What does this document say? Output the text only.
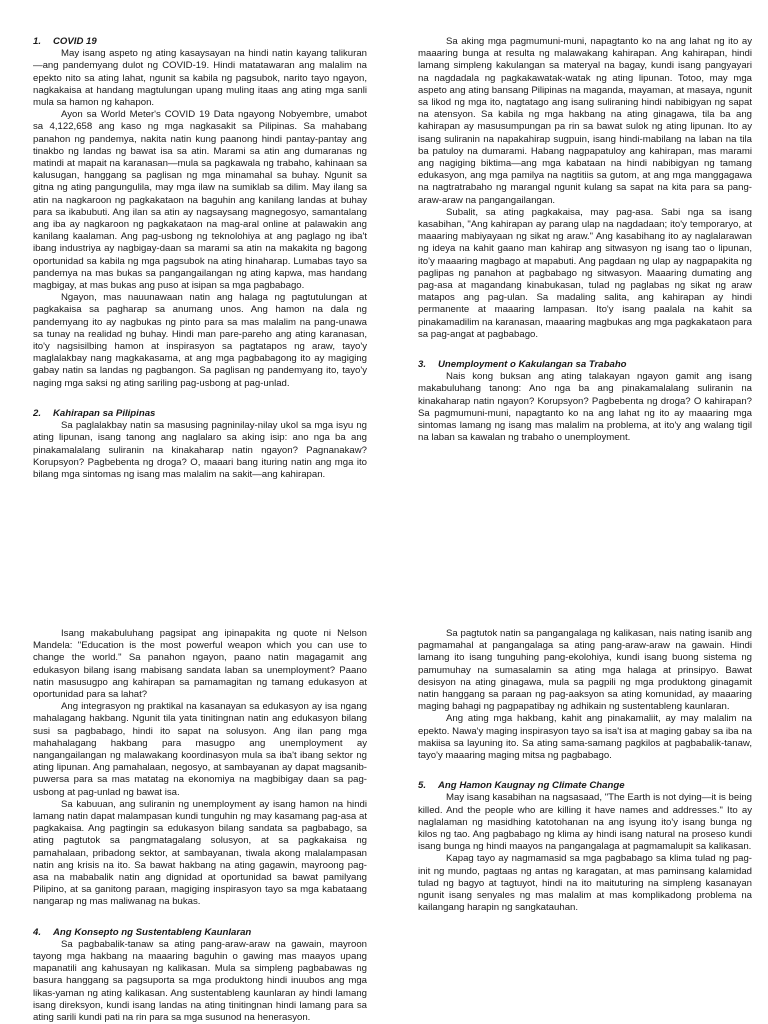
1. COVID 19

May isang aspeto ng ating kasaysayan na hindi natin kayang talikuran—ang pandemyang dulot ng COVID-19. Hindi matatawaran ang malalim na epekto nito sa ating lahat, ngunit sa kabila ng pagsubok, narito tayo ngayon, nagkakaisa at handang magtulungan upang muling itaas ang ating mga sanli mula sa hamon ng kahapon.

Ayon sa World Meter's COVID 19 Data ngayong Nobyembre, umabot sa 4,122,658 ang kaso ng mga nagkasakit sa Pilipinas. Sa mahabang panahon ng pandemya, nakita natin kung paanong hindi pantay-pantay ang tinakbo ng landas ng bawat isa sa atin. Marami sa atin ang dumaranas ng matindi at mapait na karanasan—mula sa pagkawala ng trabaho, kahinaan sa kalusugan, hanggang sa paglisan ng mga minamahal sa buhay. Ngunit sa gitna ng ating pangungulila, may mga ilaw na sumiklab sa dilim. May ilang sa atin na nagkaroon ng pagkakataon na baguhin ang kanilang landas at buhay para sa ikabubuti. Ang ilan sa atin ay nagsaysang magnegosyo, samantalang ang iba ay nagkaroon ng pagkakataon na mag-aral online at palawakin ang kanilang kaalaman. Ang pag-usbong ng teknolohiya at ang paglago ng iba't ibang industriya ay nagbigay-daan sa marami sa atin na makakita ng bagong oportunidad sa kabila ng mga pagsubok na ating hinaharap. Lumabas tayo sa pandemya na mas bukas sa pangangailangan ng ating kapwa, mas handang magbigay, at mas bukas ang puso at isipan sa mga pagbabago.

Ngayon, mas nauunawaan natin ang halaga ng pagtutulungan at pagkakaisa sa pagharap sa anumang unos. Ang hamon na dala ng pandemyang ito ay nagbukas ng pinto para sa mas malalim na pang-unawa sa tunay na realidad ng buhay. Hindi man pare-pareho ang ating karanasan, ito'y nagsisilbing hamon at inspirasyon sa pagtatapos ng araw, tayo'y maglalakbay nang magkakasama, at ang mga pagbabagong ito ay magiging gabay natin sa landas ng pagbangon. Sa paglisan ng pandemyang ito, tayo'y naging mga saksi ng ating sariling pag-usbong at pag-unlad.

2. Kahirapan sa Pilipinas

Sa paglalakbay natin sa masusing pagninilay-nilay ukol sa mga isyu ng ating lipunan, isang tanong ang naglalaro sa aking isip: ano nga ba ang pinakamalalang suliranin na kinakaharap natin ngayon? Pagnanakaw? Korupsyon? Pagbebenta ng droga? O, maaari bang ituring natin ang mga ito bilang mga sintomas ng isang mas malalim na sakit—ang kahirapan.

Sa aking mga pagmumuni-muni, napagtanto ko na ang lahat ng ito ay maaaring bunga at resulta ng malawakang kahirapan. Ang kahirapan, hindi lamang simpleng kakulangan sa materyal na bagay, kundi isang pangyayari na nagdadala ng pagkakawatak-watak ng ating lipunan. Totoo, may mga aspeto ang ating bansang Pilipinas na maganda, mayaman, at masaya, ngunit sa likod ng mga ito, nagtatago ang isang suliraning hindi nabibigyan ng sapat na atensyon. Sa kabila ng mga hakbang na ating ginagawa, tila ba ang kahirapan ay masusumpungan pa rin sa bawat sulok ng ating lipunan. Ito ay isang suliranin na napakahirap sugpuin, isang hindi-mabilang na laban na tila ba patuloy na dumarami. Habang nagpapatuloy ang kahirapan, mas marami ang nagiging biktima—ang mga kabataan na hindi nabibigyan ng tamang edukasyon, ang mga pamilya na nagtitiis sa gutom, at ang mga manggagawa na nagtratrabaho ng marangal ngunit kulang sa sapat na kita para sa pang-araw-araw na pangangailangan.

Subalit, sa ating pagkakaisa, may pag-asa. Sabi nga sa isang kasabihan, "Ang kahirapan ay parang ulap na nagdadaan; ito'y temporaryo, at maaaring mabiyayaan ng sikat ng araw." Ang kasabihang ito ay naglalarawan ng ideya na kahit gaano man kahirap ang sitwasyon ng isang tao o lipunan, ito'y maaaring magbago at mapabuti. Ang pagdaan ng ulap ay nagpapakita ng paglipas ng panahon at pagbabago ng sitwasyon. Maaaring dumating ang pag-asa at magandang kinabukasan, tulad ng paglabas ng sikat ng araw matapos ang pag-ulan. Sa madaling salita, ang kahirapan ay hindi permanente at maaaring lampasan. Ito'y isang paalala na kahit sa pinakamadilim na karanasan, maaaring magbukas ang mga pagkakataon para sa pag-angat at pagbabago.

3. Unemployment o Kakulangan sa Trabaho

Nais kong buksan ang ating talakayan ngayon gamit ang isang makabuluhang tanong: Ano nga ba ang pinakamalalang suliranin na kinakaharap natin ngayon? Korupsyon? Pagbebenta ng droga? O kahirapan? Sa pagmumuni-muni, napagtanto ko na ang lahat ng ito ay maaaring mga sintomas lamang ng isang mas malalim na problema, at ito'y ang walang tigil na laban sa kawalan ng trabaho o unemployment.

Isang makabuluhang pagsipat ang ipinapakita ng quote ni Nelson Mandela: "Education is the most powerful weapon which you can use to change the world." Sa panahon ngayon, paano natin magagamit ang edukasyon bilang isang mabisang sandata laban sa unemployment? Paano natin masusugpo ang kahirapan sa pamamagitan ng tamang edukasyon at oportunidad para sa lahat?

Ang integrasyon ng praktikal na kasanayan sa edukasyon ay isa ngang mahalagang hakbang. Ngunit tila yata tinitingnan natin ang edukasyon bilang susi sa pagbabago, hindi ito sapat na solusyon. Ang ilan pang mga mahahalagang hakbang para masugpo ang unemployment ay nangangailangan ng malawakang koordinasyon mula sa iba't ibang sektor ng ating lipunan. Ang pamahalaan, negosyo, at sambayanan ay dapat magsanib-puwersa para sa mas matatag na ekonomiya na magbibigay daan sa pag-usbong at pag-unlad ng bawat isa.

Sa kabuuan, ang suliranin ng unemployment ay isang hamon na hindi lamang natin dapat malampasan kundi tunguhin ng may kasamang pag-asa at pagkakaisa. Ang pagtingin sa edukasyon bilang sandata sa pagbabago, sa ating pagtutok sa pangmatagalang solusyon, at sa pagkakaisa ng pamahalaan, pribadong sektor, at sambayanan, tiwala akong malalampasan natin ang krisis na ito. Sa bawat hakbang na ating gagawin, mayroong pag-asa na mababalik natin ang dignidad at oportunidad sa bawat pamilyang Pilipino, at sa ganitong paraan, magiging inspirasyon tayo sa mga kabataang nangarap ng mas maliwanag na bukas.

4. Ang Konsepto ng Sustentableng Kaunlaran

Sa pagbabalik-tanaw sa ating pang-araw-araw na gawain, mayroon tayong mga hakbang na maaaring baguhin o gawing mas maayos upang mapanatili ang kahusayan ng kalikasan. Mula sa simpleng pagbabawas ng basura hanggang sa pagsuporta sa mga produktong hindi inuubos ang mga likas-yaman ng ating kalikasan. Ang sustentableng kaunlaran ay hindi lamang isang direksyon, kundi isang landas na ating tinitingnan hindi lamang para sa ating sarili kundi pati na rin para sa mga susunod na henerasyon.

Sa pagtutok natin sa pangangalaga ng kalikasan, nais nating isanib ang pagmamahal at pangangalaga sa ating pang-araw-araw na gawain. Hindi lamang ito isang tunguhing pang-ekolohiya, kundi isang buong sistema ng pamumuhay na sumasalamin sa ating mga halaga at prinsipyo. Bawat desisyon na ating ginagawa, mula sa pagpili ng mga produktong ginagamit natin hanggang sa paraan ng pag-aaksyon sa ating komunidad, ay maaaring maging bahagi ng pagpapatibay ng adhikain ng sustentableng kaunlaran.

Ang ating mga hakbang, kahit ang pinakamaliit, ay may malalim na epekto. Nawa'y maging inspirasyon tayo sa isa't isa at maging gabay sa iba na makiisa sa layuning ito. Sa ating sama-samang pagkilos at pagbabalik-tanaw, tayo'y maaaring maging mitsa ng pagbabago.

5. Ang Hamon Kaugnay ng Climate Change

May isang kasabihan na nagsasaad, "The Earth is not dying—it is being killed. And the people who are killing it have names and addresses." Ito ay naglalaman ng masidhing katotohanan na ang isyung ito'y isang bunga ng kilos ng tao. Ang pagbabago ng klima ay hindi isang natural na proseso kundi isang bunga ng hindi maayos na pangangalaga at pagmamalupit sa kalikasan.

Kapag tayo ay nagmamasid sa mga pagbabago sa klima tulad ng pag-init ng mundo, pagtaas ng antas ng karagatan, at mas paminsang kalamidad tulad ng bagyo at tagtuyot, hindi na ito maituturing na simpleng kasanayan ngunit isang senyales ng mas malalim at mas komplikadong problema na kailangang harapin ng sangkatauhan.
